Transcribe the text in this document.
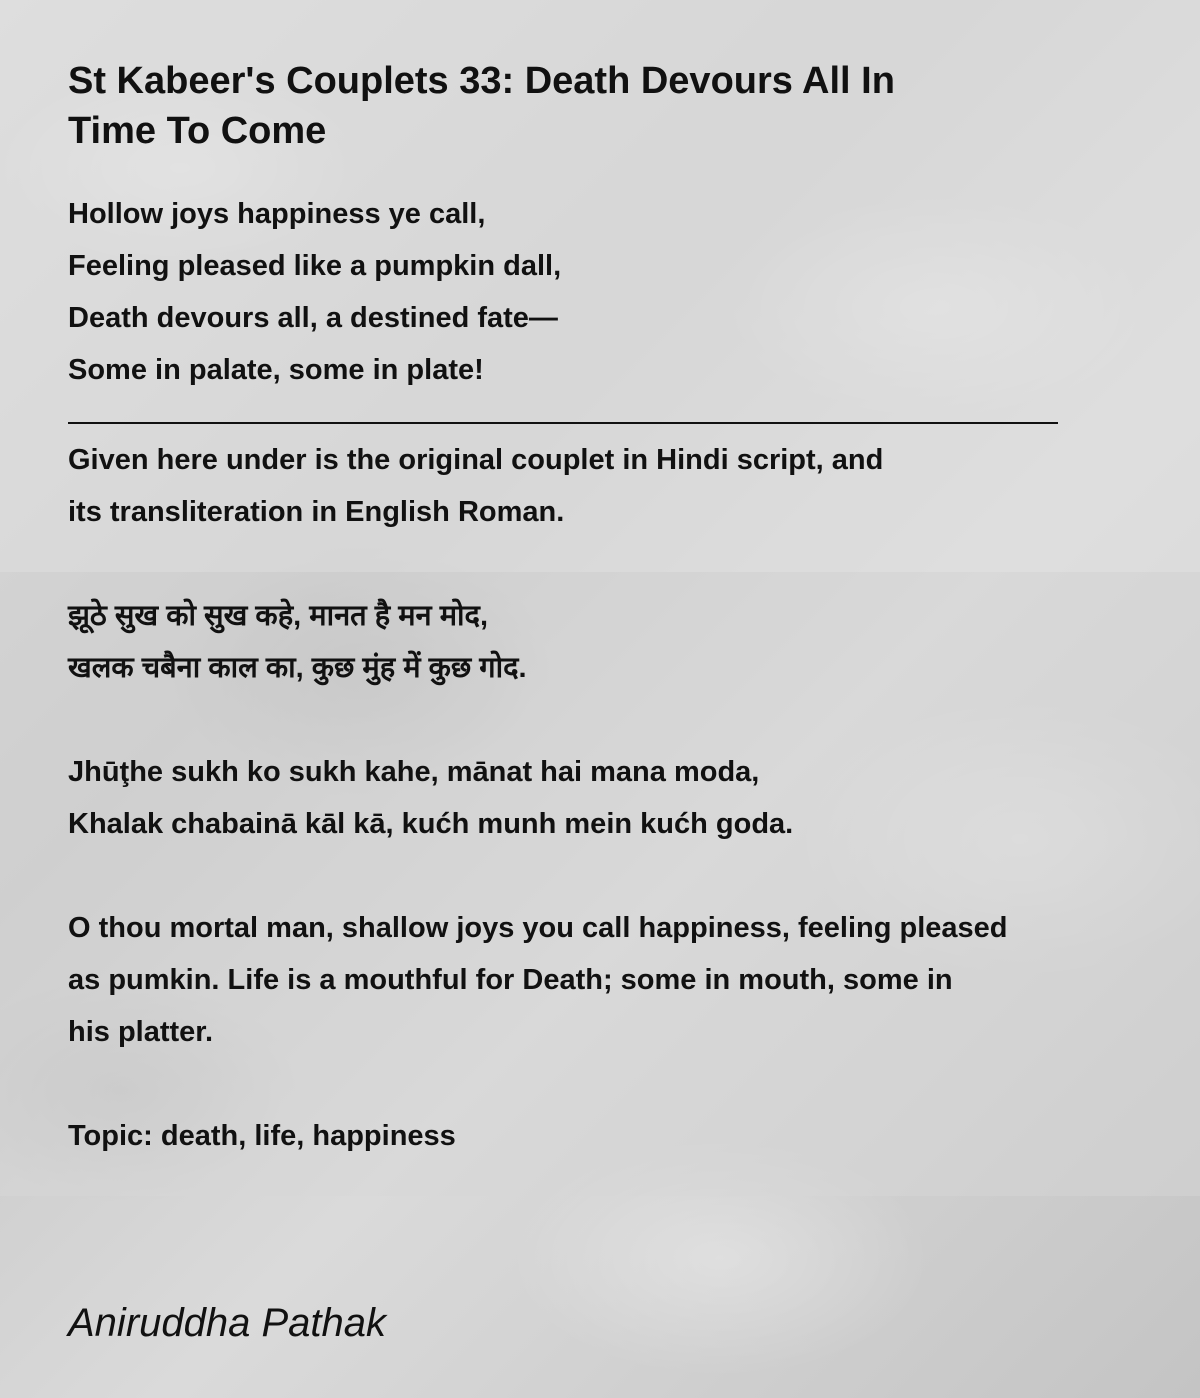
St Kabeer's Couplets 33: Death Devours All In Time To Come
Hollow joys happiness ye call,
Feeling pleased like a pumpkin dall,
Death devours all, a destined fate—
Some in palate, some in plate!
Given here under is the original couplet in Hindi script, and
its transliteration in English Roman.
झूठे सुख को सुख कहे, मानत है मन मोद,
खलक चबैना काल का, कुछ मुंह में कुछ गोद.
Jhūţhe sukh ko sukh kahe, mānat hai mana moda,
Khalak chabainā kāl kā, kućh munh mein kućh goda.
O thou mortal man, shallow joys you call happiness, feeling pleased
as pumkin. Life is a mouthful for Death; some in mouth, some in
his platter.
Topic: death, life, happiness
Aniruddha Pathak
